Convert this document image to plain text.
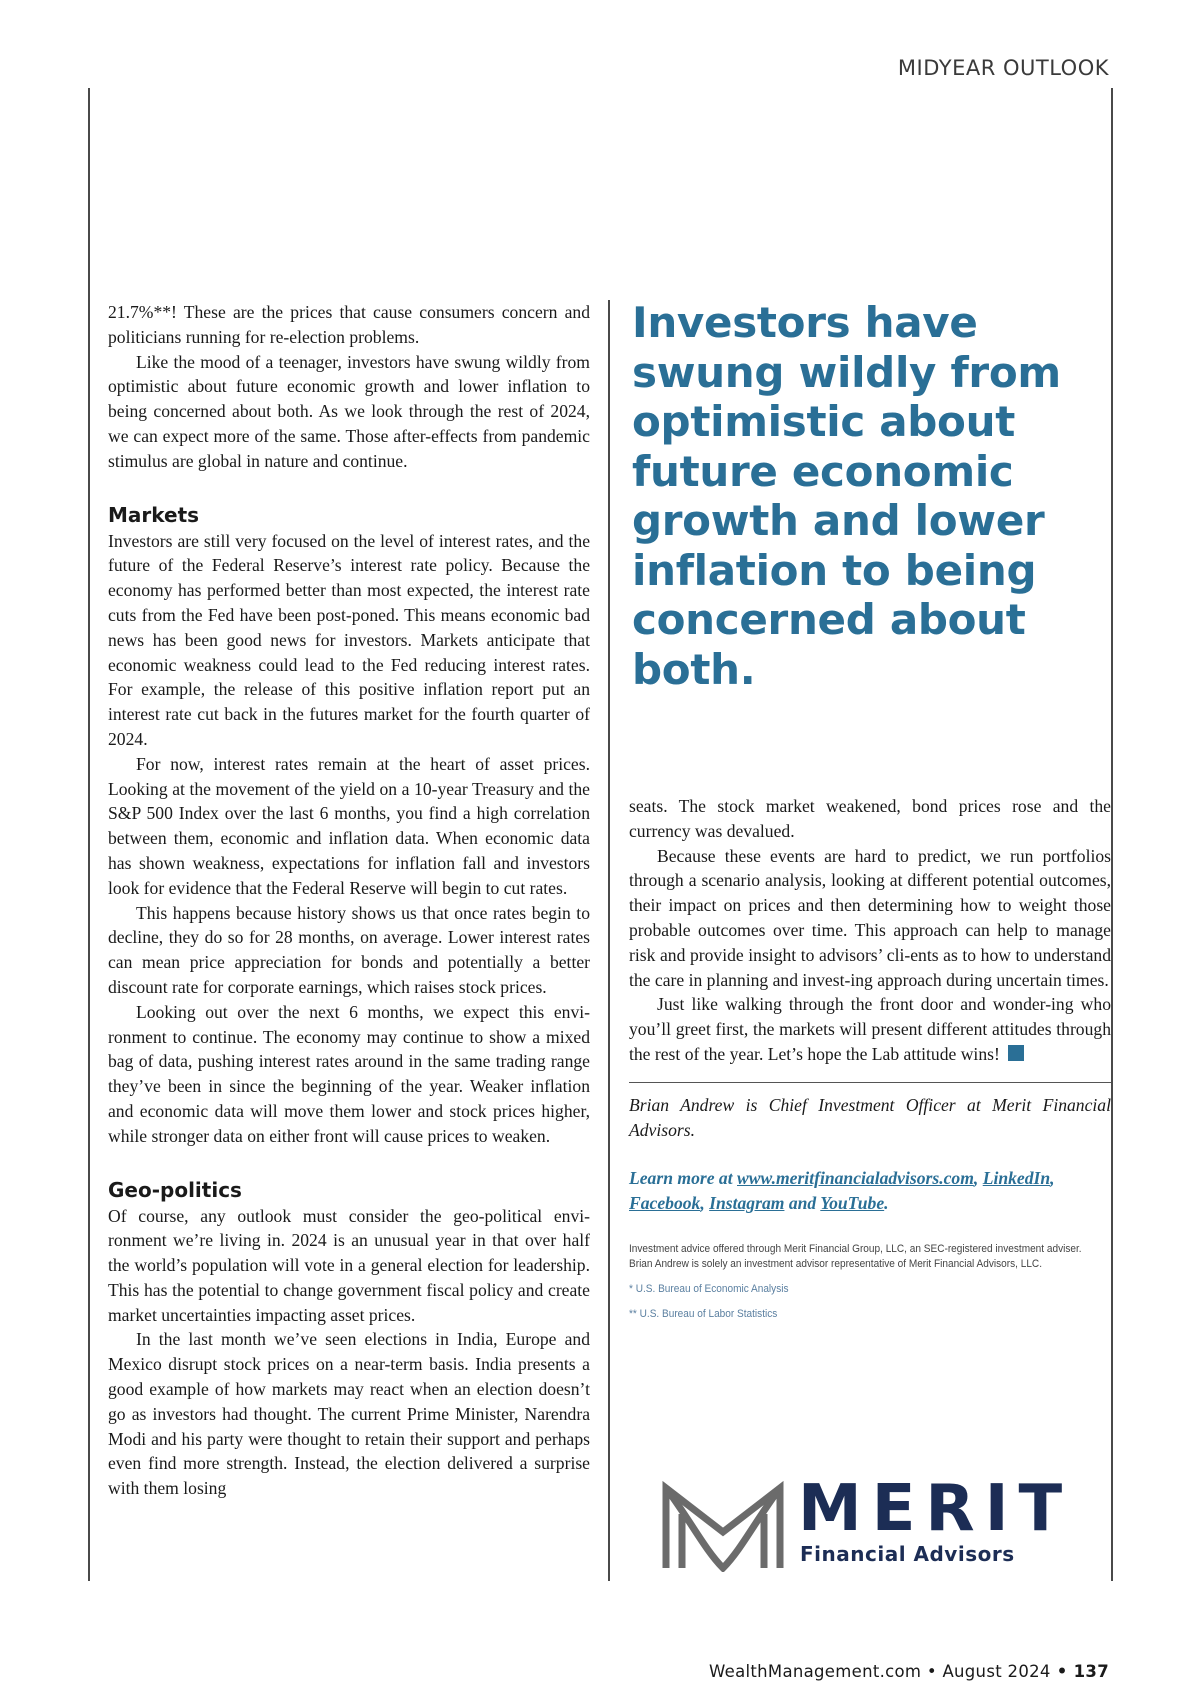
MIDYEAR OUTLOOK

21.7%**! These are the prices that cause consumers concern and politicians running for re-election problems.

Like the mood of a teenager, investors have swung wildly from optimistic about future economic growth and lower inflation to being concerned about both. As we look through the rest of 2024, we can expect more of the same. Those after-effects from pandemic stimulus are global in nature and continue.

Markets

Investors are still very focused on the level of interest rates, and the future of the Federal Reserve’s interest rate policy. Because the economy has performed better than most expected, the interest rate cuts from the Fed have been post-poned. This means economic bad news has been good news for investors. Markets anticipate that economic weakness could lead to the Fed reducing interest rates. For example, the release of this positive inflation report put an interest rate cut back in the futures market for the fourth quarter of 2024.

For now, interest rates remain at the heart of asset prices. Looking at the movement of the yield on a 10-year Treasury and the S&P 500 Index over the last 6 months, you find a high correlation between them, economic and inflation data. When economic data has shown weakness, expectations for inflation fall and investors look for evidence that the Federal Reserve will begin to cut rates.

This happens because history shows us that once rates begin to decline, they do so for 28 months, on average. Lower interest rates can mean price appreciation for bonds and potentially a better discount rate for corporate earnings, which raises stock prices.

Looking out over the next 6 months, we expect this envi-ronment to continue. The economy may continue to show a mixed bag of data, pushing interest rates around in the same trading range they’ve been in since the beginning of the year. Weaker inflation and economic data will move them lower and stock prices higher, while stronger data on either front will cause prices to weaken.

Geo-politics

Of course, any outlook must consider the geo-political envi-ronment we’re living in. 2024 is an unusual year in that over half the world’s population will vote in a general election for leadership. This has the potential to change government fiscal policy and create market uncertainties impacting asset prices.

In the last month we’ve seen elections in India, Europe and Mexico disrupt stock prices on a near-term basis. India presents a good example of how markets may react when an election doesn’t go as investors had thought. The current Prime Minister, Narendra Modi and his party were thought to retain their support and perhaps even find more strength. Instead, the election delivered a surprise with them losing

Investors have swung wildly from optimistic about future economic growth and lower inflation to being concerned about both.

seats. The stock market weakened, bond prices rose and the currency was devalued.

Because these events are hard to predict, we run portfolios through a scenario analysis, looking at different potential outcomes, their impact on prices and then determining how to weight those probable outcomes over time. This approach can help to manage risk and provide insight to advisors’ cli-ents as to how to understand the care in planning and invest-ing approach during uncertain times.

Just like walking through the front door and wonder-ing who you’ll greet first, the markets will present different attitudes through the rest of the year. Let’s hope the Lab attitude wins!

Brian Andrew is Chief Investment Officer at Merit Financial Advisors.

Learn more at www.meritfinancialadvisors.com, LinkedIn,
Facebook, Instagram and YouTube.

Investment advice offered through Merit Financial Group, LLC, an SEC-registered investment adviser. Brian Andrew is solely an investment advisor representative of Merit Financial Advisors, LLC.

* U.S. Bureau of Economic Analysis

** U.S. Bureau of Labor Statistics

MERIT
Financial Advisors
WealthManagement.com • August 2024 • 137
